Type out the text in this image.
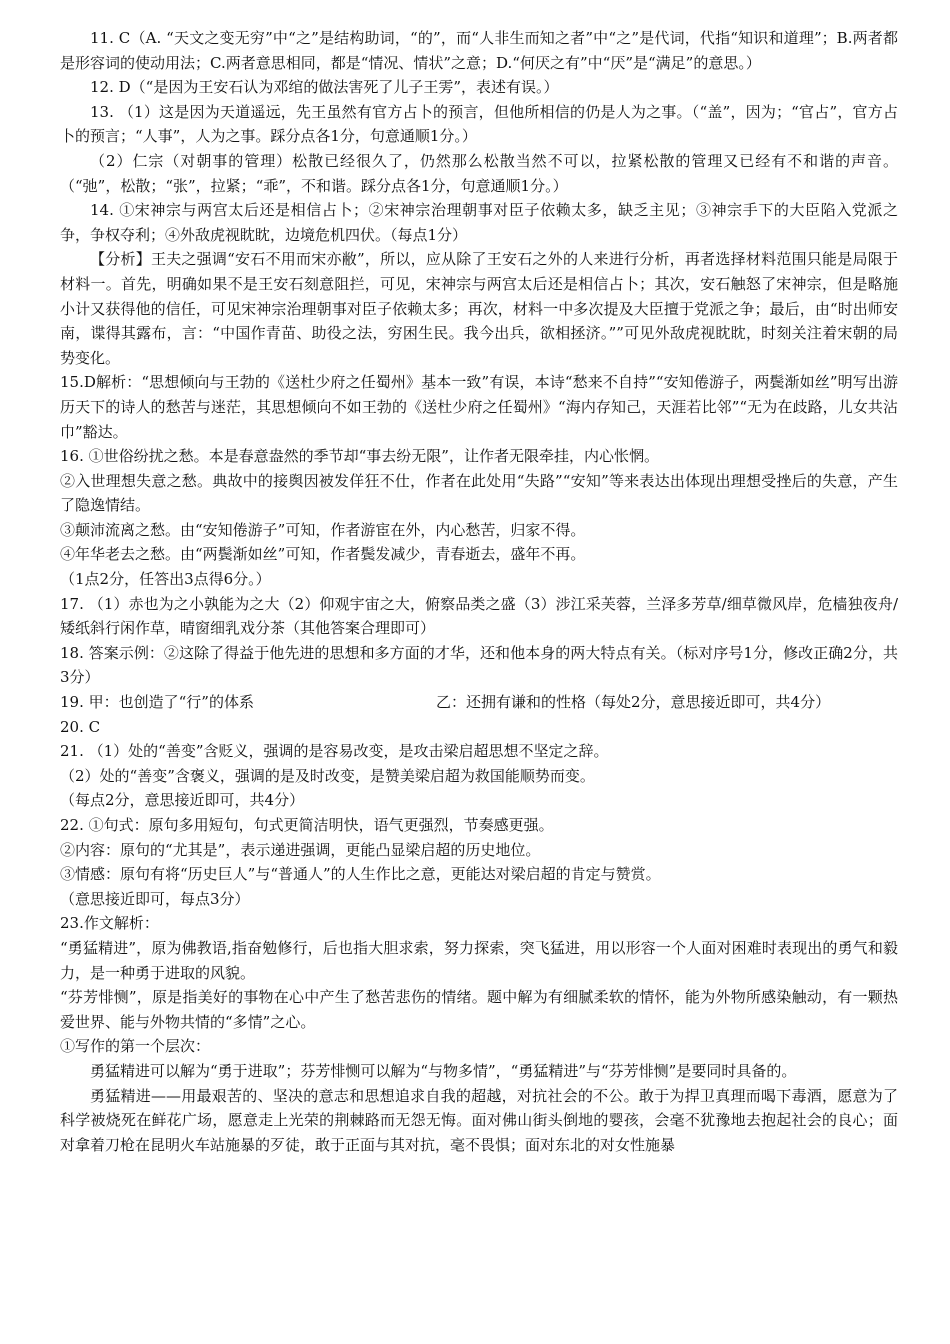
11. C（A. “天文之变无穷”中“之”是结构助词，“的”，而“人非生而知之者”中“之”是代词，代指“知识和道理”；B.两者都是形容词的使动用法；C.两者意思相同，都是“情况、情状”之意；D.“何厌之有”中“厌”是“满足”的意思。）

12. D（“是因为王安石认为邓绾的做法害死了儿子王雱”，表述有误。）

13. （1）这是因为天道遥远，先王虽然有官方占卜的预言，但他所相信的仍是人为之事。（“盖”，因为；“官占”，官方占卜的预言；“人事”，人为之事。踩分点各1分，句意通顺1分。）

（2）仁宗（对朝事的管理）松散已经很久了，仍然那么松散当然不可以，拉紧松散的管理又已经有不和谐的声音。（“弛”，松散；“张”，拉紧；“乖”，不和谐。踩分点各1分，句意通顺1分。）

14. ①宋神宗与两宫太后还是相信占卜；②宋神宗治理朝事对臣子依赖太多，缺乏主见；③神宗手下的大臣陷入党派之争，争权夺利；④外敌虎视眈眈，边境危机四伏。（每点1分）

【分析】王夫之强调“安石不用而宋亦敝”，所以，应从除了王安石之外的人来进行分析，再者选择材料范围只能是局限于材料一。首先，明确如果不是王安石刻意阻拦，可见，宋神宗与两宫太后还是相信占卜；其次，安石触怒了宋神宗，但是略施小计又获得他的信任，可见宋神宗治理朝事对臣子依赖太多；再次，材料一中多次提及大臣擅于党派之争；最后，由“时出师安南，谍得其露布，言：“中国作青苗、助役之法，穷困生民。我今出兵，欲相拯济。””可见外敌虎视眈眈，时刻关注着宋朝的局势变化。

15.D解析：“思想倾向与王勃的《送杜少府之任蜀州》基本一致”有误，本诗“愁来不自持”“安知倦游子，两鬓渐如丝”明写出游历天下的诗人的愁苦与迷茫，其思想倾向不如王勃的《送杜少府之任蜀州》“海内存知己，天涯若比邻”“无为在歧路，儿女共沾巾”豁达。

16. ①世俗纷扰之愁。本是春意盎然的季节却“事去纷无限”，让作者无限牵挂，内心怅惘。

②入世理想失意之愁。典故中的接舆因被发佯狂不仕，作者在此处用“失路”“安知”等来表达出体现出理想受挫后的失意，产生了隐逸情结。

③颠沛流离之愁。由“安知倦游子”可知，作者游宦在外，内心愁苦，归家不得。

④年华老去之愁。由“两鬓渐如丝”可知，作者鬓发减少，青春逝去，盛年不再。

（1点2分，任答出3点得6分。）

17. （1）赤也为之小孰能为之大（2）仰观宇宙之大，俯察品类之盛（3）涉江采芙蓉，兰泽多芳草/细草微风岸，危樯独夜舟/矮纸斜行闲作草，晴窗细乳戏分茶（其他答案合理即可）

18. 答案示例：②这除了得益于他先进的思想和多方面的才华，还和他本身的两大特点有关。（标对序号1分，修改正确2分，共3分）

19. 甲：也创造了“行”的体系	乙：还拥有谦和的性格（每处2分，意思接近即可，共4分）

20. C

21. （1）处的“善变”含贬义，强调的是容易改变，是攻击梁启超思想不坚定之辞。

（2）处的“善变”含褒义，强调的是及时改变，是赞美梁启超为救国能顺势而变。

（每点2分，意思接近即可，共4分）

22. ①句式：原句多用短句，句式更简洁明快，语气更强烈，节奏感更强。

②内容：原句的“尤其是”，表示递进强调，更能凸显梁启超的历史地位。

③情感：原句有将“历史巨人”与“普通人”的人生作比之意，更能达对梁启超的肯定与赞赏。

（意思接近即可，每点3分）

23.作文解析：

“勇猛精进”，原为佛教语,指奋勉修行，后也指大胆求索，努力探索，突飞猛进，用以形容一个人面对困难时表现出的勇气和毅力，是一种勇于进取的风貌。

“芬芳悱恻”，原是指美好的事物在心中产生了愁苦悲伤的情绪。题中解为有细腻柔软的情怀，能为外物所感染触动，有一颗热爱世界、能与外物共情的“多情”之心。

①写作的第一个层次：

勇猛精进可以解为“勇于进取”；芬芳悱恻可以解为“与物多情”，“勇猛精进”与“芬芳悱恻”是要同时具备的。

勇猛精进——用最艰苦的、坚决的意志和思想追求自我的超越，对抗社会的不公。敢于为捍卫真理而喝下毒酒，愿意为了科学被烧死在鲜花广场，愿意走上光荣的荆棘路而无怨无悔。面对佛山街头倒地的婴孩，会毫不犹豫地去抱起社会的良心；面对拿着刀枪在昆明火车站施暴的歹徒，敢于正面与其对抗，毫不畏惧；面对东北的对女性施暴
